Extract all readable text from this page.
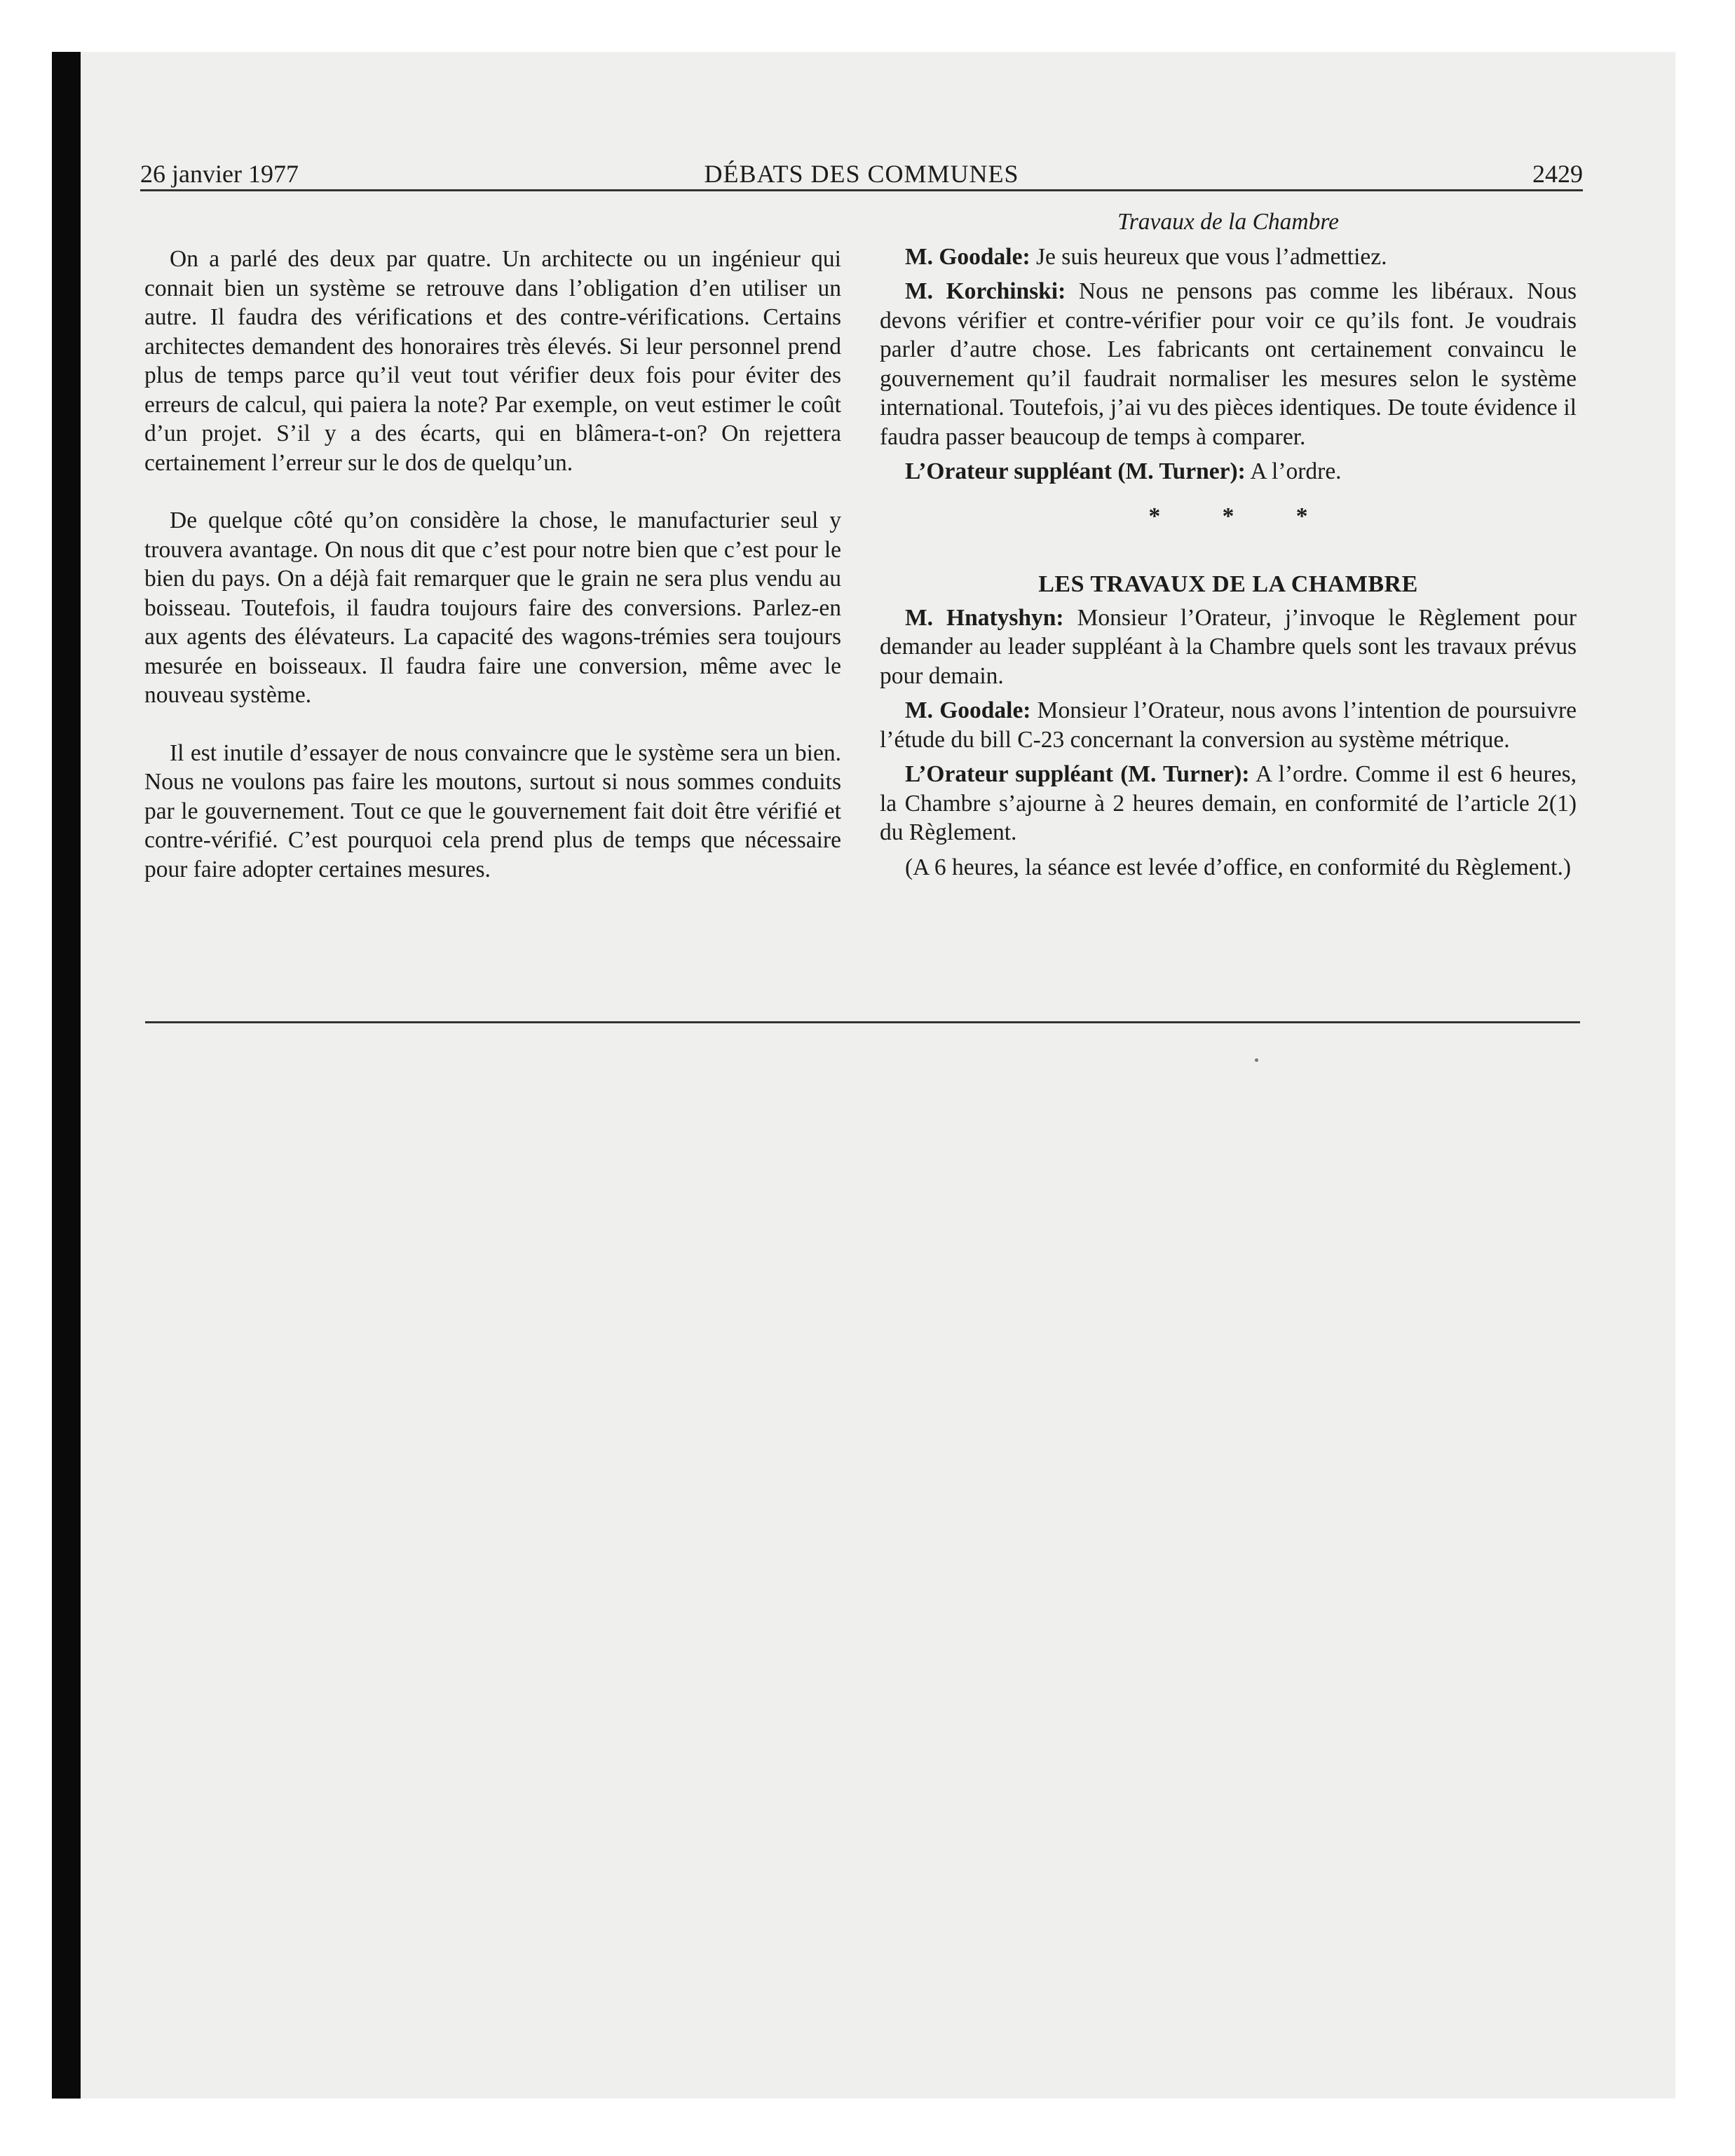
26 janvier 1977	DÉBATS DES COMMUNES	2429

On a parlé des deux par quatre. Un architecte ou un ingénieur qui connait bien un système se retrouve dans l’obligation d’en utiliser un autre. Il faudra des vérifications et des contre-vérifications. Certains architectes demandent des honoraires très élevés. Si leur personnel prend plus de temps parce qu’il veut tout vérifier deux fois pour éviter des erreurs de calcul, qui paiera la note? Par exemple, on veut estimer le coût d’un projet. S’il y a des écarts, qui en blâmera-t-on? On rejettera certainement l’erreur sur le dos de quelqu’un.

De quelque côté qu’on considère la chose, le manufacturier seul y trouvera avantage. On nous dit que c’est pour notre bien que c’est pour le bien du pays. On a déjà fait remarquer que le grain ne sera plus vendu au boisseau. Toutefois, il faudra toujours faire des conversions. Parlez-en aux agents des élévateurs. La capacité des wagons-trémies sera toujours mesurée en boisseaux. Il faudra faire une conversion, même avec le nouveau système.

Il est inutile d’essayer de nous convaincre que le système sera un bien. Nous ne voulons pas faire les moutons, surtout si nous sommes conduits par le gouvernement. Tout ce que le gouvernement fait doit être vérifié et contre-vérifié. C’est pourquoi cela prend plus de temps que nécessaire pour faire adopter certaines mesures.

Travaux de la Chambre

M. Goodale: Je suis heureux que vous l’admettiez.

M. Korchinski: Nous ne pensons pas comme les libéraux. Nous devons vérifier et contre-vérifier pour voir ce qu’ils font. Je voudrais parler d’autre chose. Les fabricants ont certainement convaincu le gouvernement qu’il faudrait normaliser les mesures selon le système international. Toutefois, j’ai vu des pièces identiques. De toute évidence il faudra passer beaucoup de temps à comparer.

L’Orateur suppléant (M. Turner): A l’ordre.

* * *

LES TRAVAUX DE LA CHAMBRE

M. Hnatyshyn: Monsieur l’Orateur, j’invoque le Règlement pour demander au leader suppléant à la Chambre quels sont les travaux prévus pour demain.

M. Goodale: Monsieur l’Orateur, nous avons l’intention de poursuivre l’étude du bill C-23 concernant la conversion au système métrique.

L’Orateur suppléant (M. Turner): A l’ordre. Comme il est 6 heures, la Chambre s’ajourne à 2 heures demain, en conformité de l’article 2(1) du Règlement.

(A 6 heures, la séance est levée d’office, en conformité du Règlement.)
